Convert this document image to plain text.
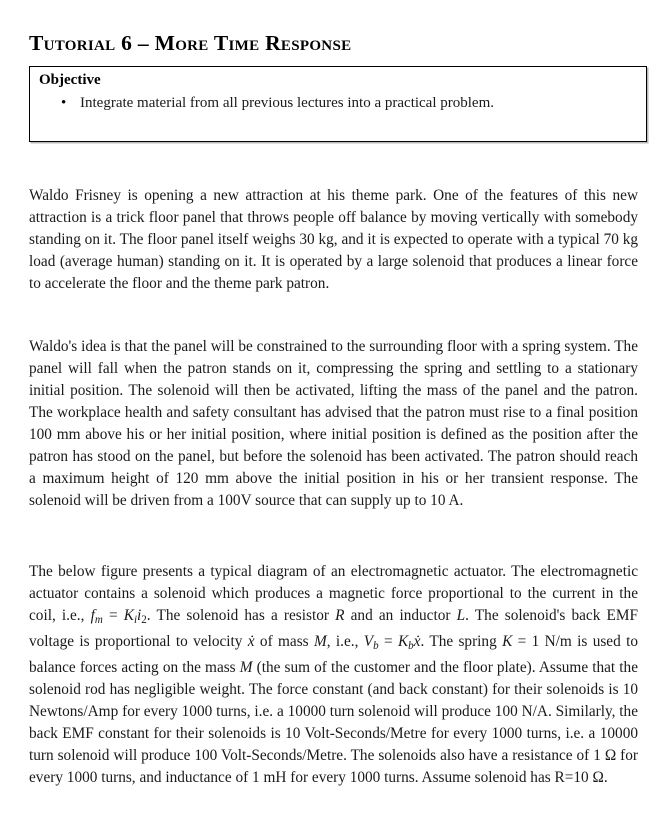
Tutorial 6 – More Time Response
Objective
• Integrate material from all previous lectures into a practical problem.

Waldo Frisney is opening a new attraction at his theme park. One of the features of this new attraction is a trick floor panel that throws people off balance by moving vertically with somebody standing on it. The floor panel itself weighs 30 kg, and it is expected to operate with a typical 70 kg load (average human) standing on it. It is operated by a large solenoid that produces a linear force to accelerate the floor and the theme park patron.

Waldo's idea is that the panel will be constrained to the surrounding floor with a spring system. The panel will fall when the patron stands on it, compressing the spring and settling to a stationary initial position. The solenoid will then be activated, lifting the mass of the panel and the patron. The workplace health and safety consultant has advised that the patron must rise to a final position 100 mm above his or her initial position, where initial position is defined as the position after the patron has stood on the panel, but before the solenoid has been activated. The patron should reach a maximum height of 120 mm above the initial position in his or her transient response. The solenoid will be driven from a 100V source that can supply up to 10 A.

The below figure presents a typical diagram of an electromagnetic actuator. The electromagnetic actuator contains a solenoid which produces a magnetic force proportional to the current in the coil, i.e., $f_m = K_ii_2$. The solenoid has a resistor R and an inductor L. The solenoid's back EMF voltage is proportional to velocity ẋ of mass M, i.e., $V_b$ = $K_bẋ$. The spring K = 1 N/m is used to balance forces acting on the mass M (the sum of the customer and the floor plate). Assume that the solenoid rod has negligible weight. The force constant (and back constant) for their solenoids is 10 Newtons/Amp for every 1000 turns, i.e. a 10000 turn solenoid will produce 100 N/A. Similarly, the back EMF constant for their solenoids is 10 Volt-Seconds/Metre for every 1000 turns, i.e. a 10000 turn solenoid will produce 100 Volt-Seconds/Metre. The solenoids also have a resistance of 1 Ω for every 1000 turns, and inductance of 1 mH for every 1000 turns. Assume solenoid has R=10 Ω.
